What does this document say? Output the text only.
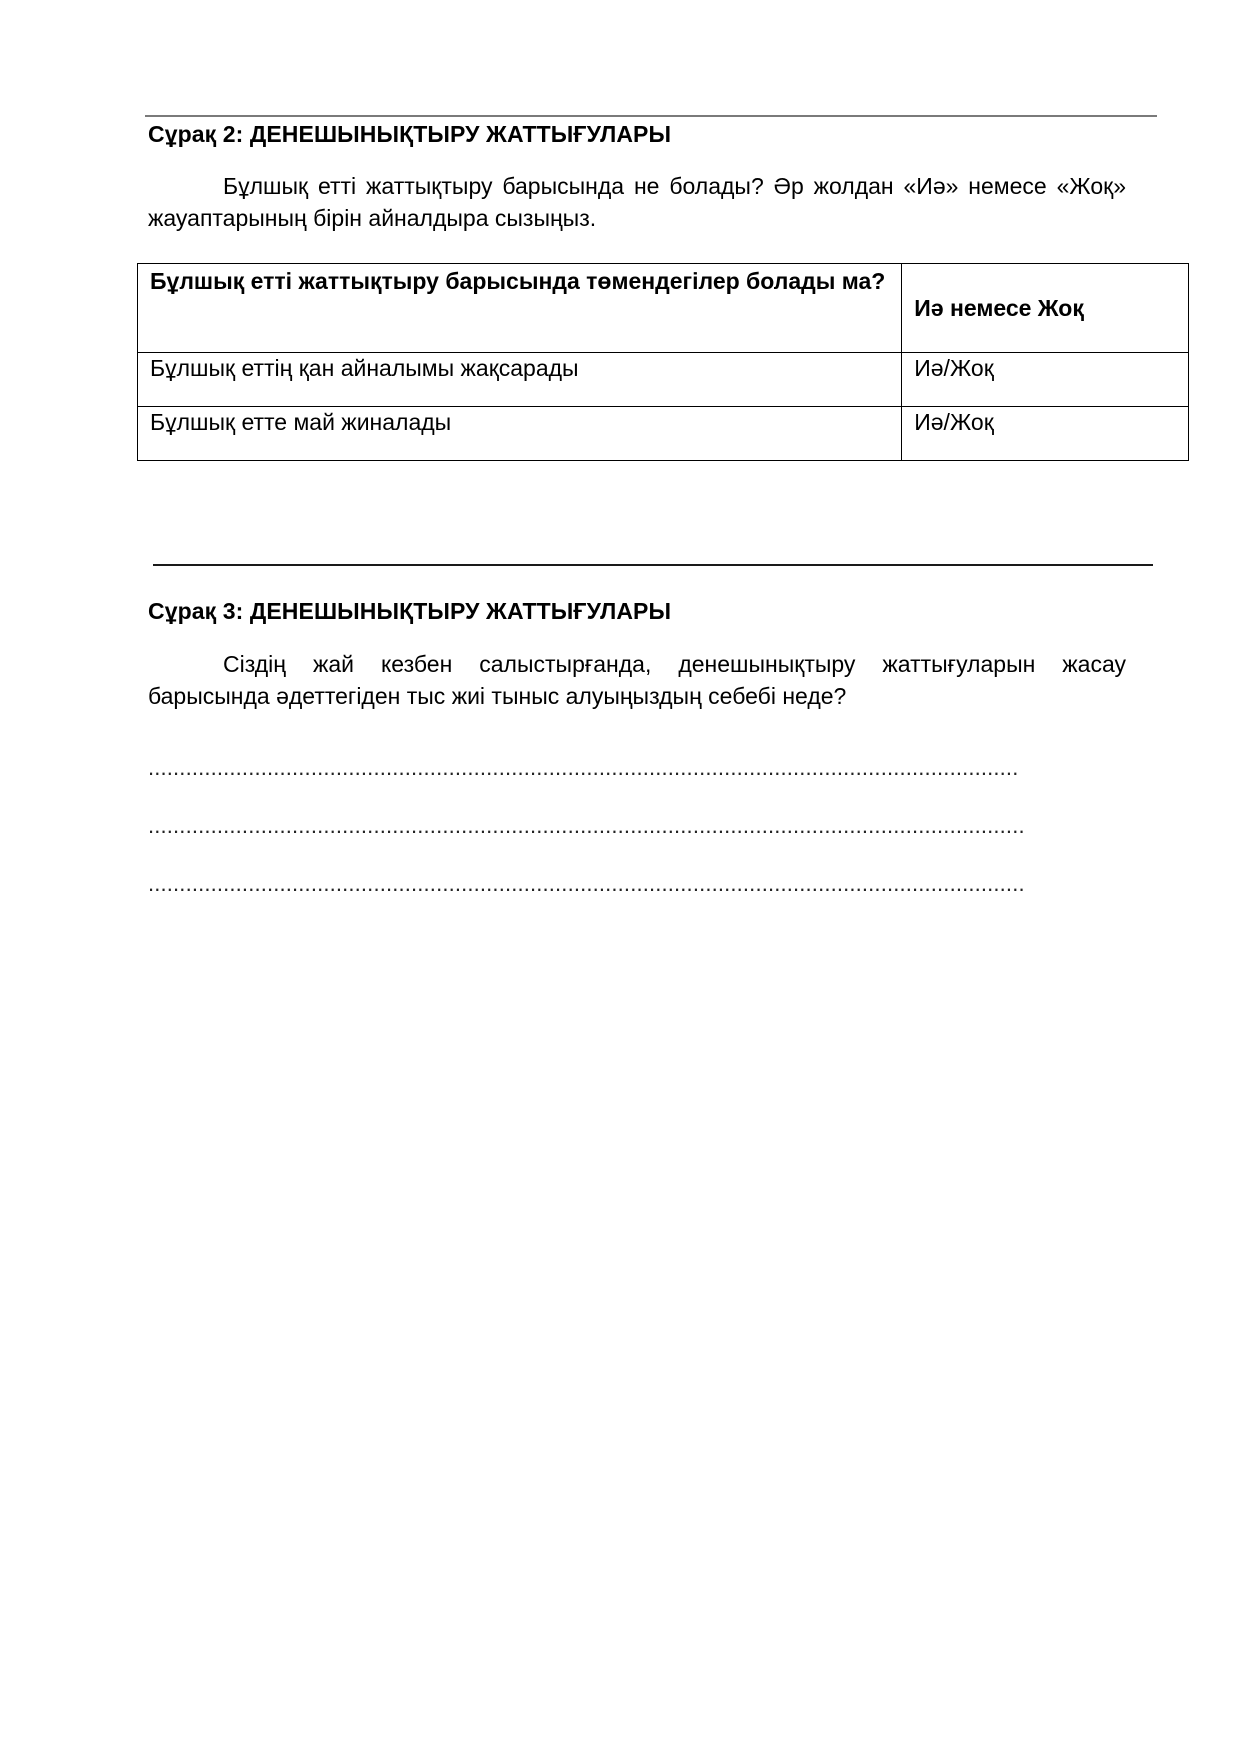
Сұрақ 2: ДЕНЕШЫНЫҚТЫРУ ЖАТТЫҒУЛАРЫ
Бұлшық етті жаттықтыру барысында не болады? Әр жолдан «Иә» немесе «Жоқ» жауаптарының бірін айналдыра сызыңыз.
Бұлшық етті жаттықтыру барысында төмендегілер болады ма?	Иә немесе Жоқ
Бұлшық еттің қан айналымы жақсарады	Иә/Жоқ
Бұлшық етте май жиналады	Иә/Жоқ
Сұрақ 3: ДЕНЕШЫНЫҚТЫРУ ЖАТТЫҒУЛАРЫ
Сіздің жай кезбен салыстырғанда, денешынықтыру жаттығуларын жасау барысында әдеттегіден тыс жиі тыныс алуыңыздың себебі неде?
...........................................................................................................................................
............................................................................................................................................
............................................................................................................................................
